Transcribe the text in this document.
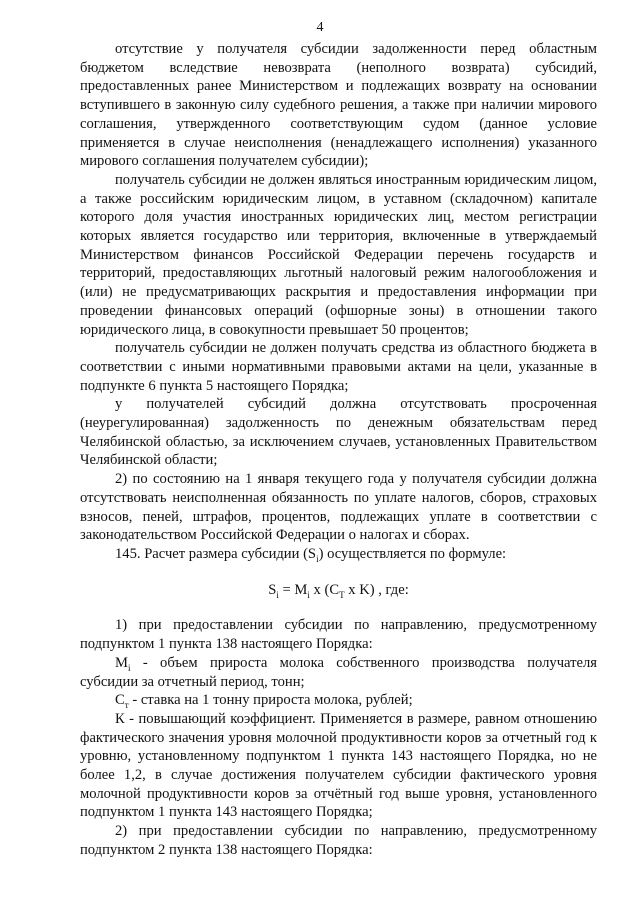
4

отсутствие у получателя субсидии задолженности перед областным бюджетом вследствие невозврата (неполного возврата) субсидий, предоставленных ранее Министерством и подлежащих возврату на основании вступившего в законную силу судебного решения, а также при наличии мирового соглашения, утвержденного соответствующим судом (данное условие применяется в случае неисполнения (ненадлежащего исполнения) указанного мирового соглашения получателем субсидии);

получатель субсидии не должен являться иностранным юридическим лицом, а также российским юридическим лицом, в уставном (складочном) капитале которого доля участия иностранных юридических лиц, местом регистрации которых является государство или территория, включенные в утверждаемый Министерством финансов Российской Федерации перечень государств и территорий, предоставляющих льготный налоговый режим налогообложения и (или) не предусматривающих раскрытия и предоставления информации при проведении финансовых операций (офшорные зоны) в отношении такого юридического лица, в совокупности превышает 50 процентов;

получатель субсидии не должен получать средства из областного бюджета в соответствии с иными нормативными правовыми актами на цели, указанные в подпункте 6 пункта 5 настоящего Порядка;

у получателей субсидий должна отсутствовать просроченная (неурегулированная) задолженность по денежным обязательствам перед Челябинской областью, за исключением случаев, установленных Правительством Челябинской области;

2) по состоянию на 1 января текущего года у получателя субсидии должна отсутствовать неисполненная обязанность по уплате налогов, сборов, страховых взносов, пеней, штрафов, процентов, подлежащих уплате в соответствии с законодательством Российской Федерации о налогах и сборах.

145. Расчет размера субсидии $(S_i)$ осуществляется по формуле:

$S_i = M_i$ x ($C_T$ x K) , где:

1) при предоставлении субсидии по направлению, предусмотренному подпунктом 1 пункта 138 настоящего Порядка:

$M_i$ - объем прироста молока собственного производства получателя субсидии за отчетный период, тонн;

$С_т$ - ставка на 1 тонну прироста молока, рублей;

К - повышающий коэффициент. Применяется в размере, равном отношению фактического значения уровня молочной продуктивности коров за отчетный год к уровню, установленному подпунктом 1 пункта 143 настоящего Порядка, но не более 1,2, в случае достижения получателем субсидии фактического уровня молочной продуктивности коров за отчётный год выше уровня, установленного подпунктом 1 пункта 143 настоящего Порядка;

2) при предоставлении субсидии по направлению, предусмотренному подпунктом 2 пункта 138 настоящего Порядка:
